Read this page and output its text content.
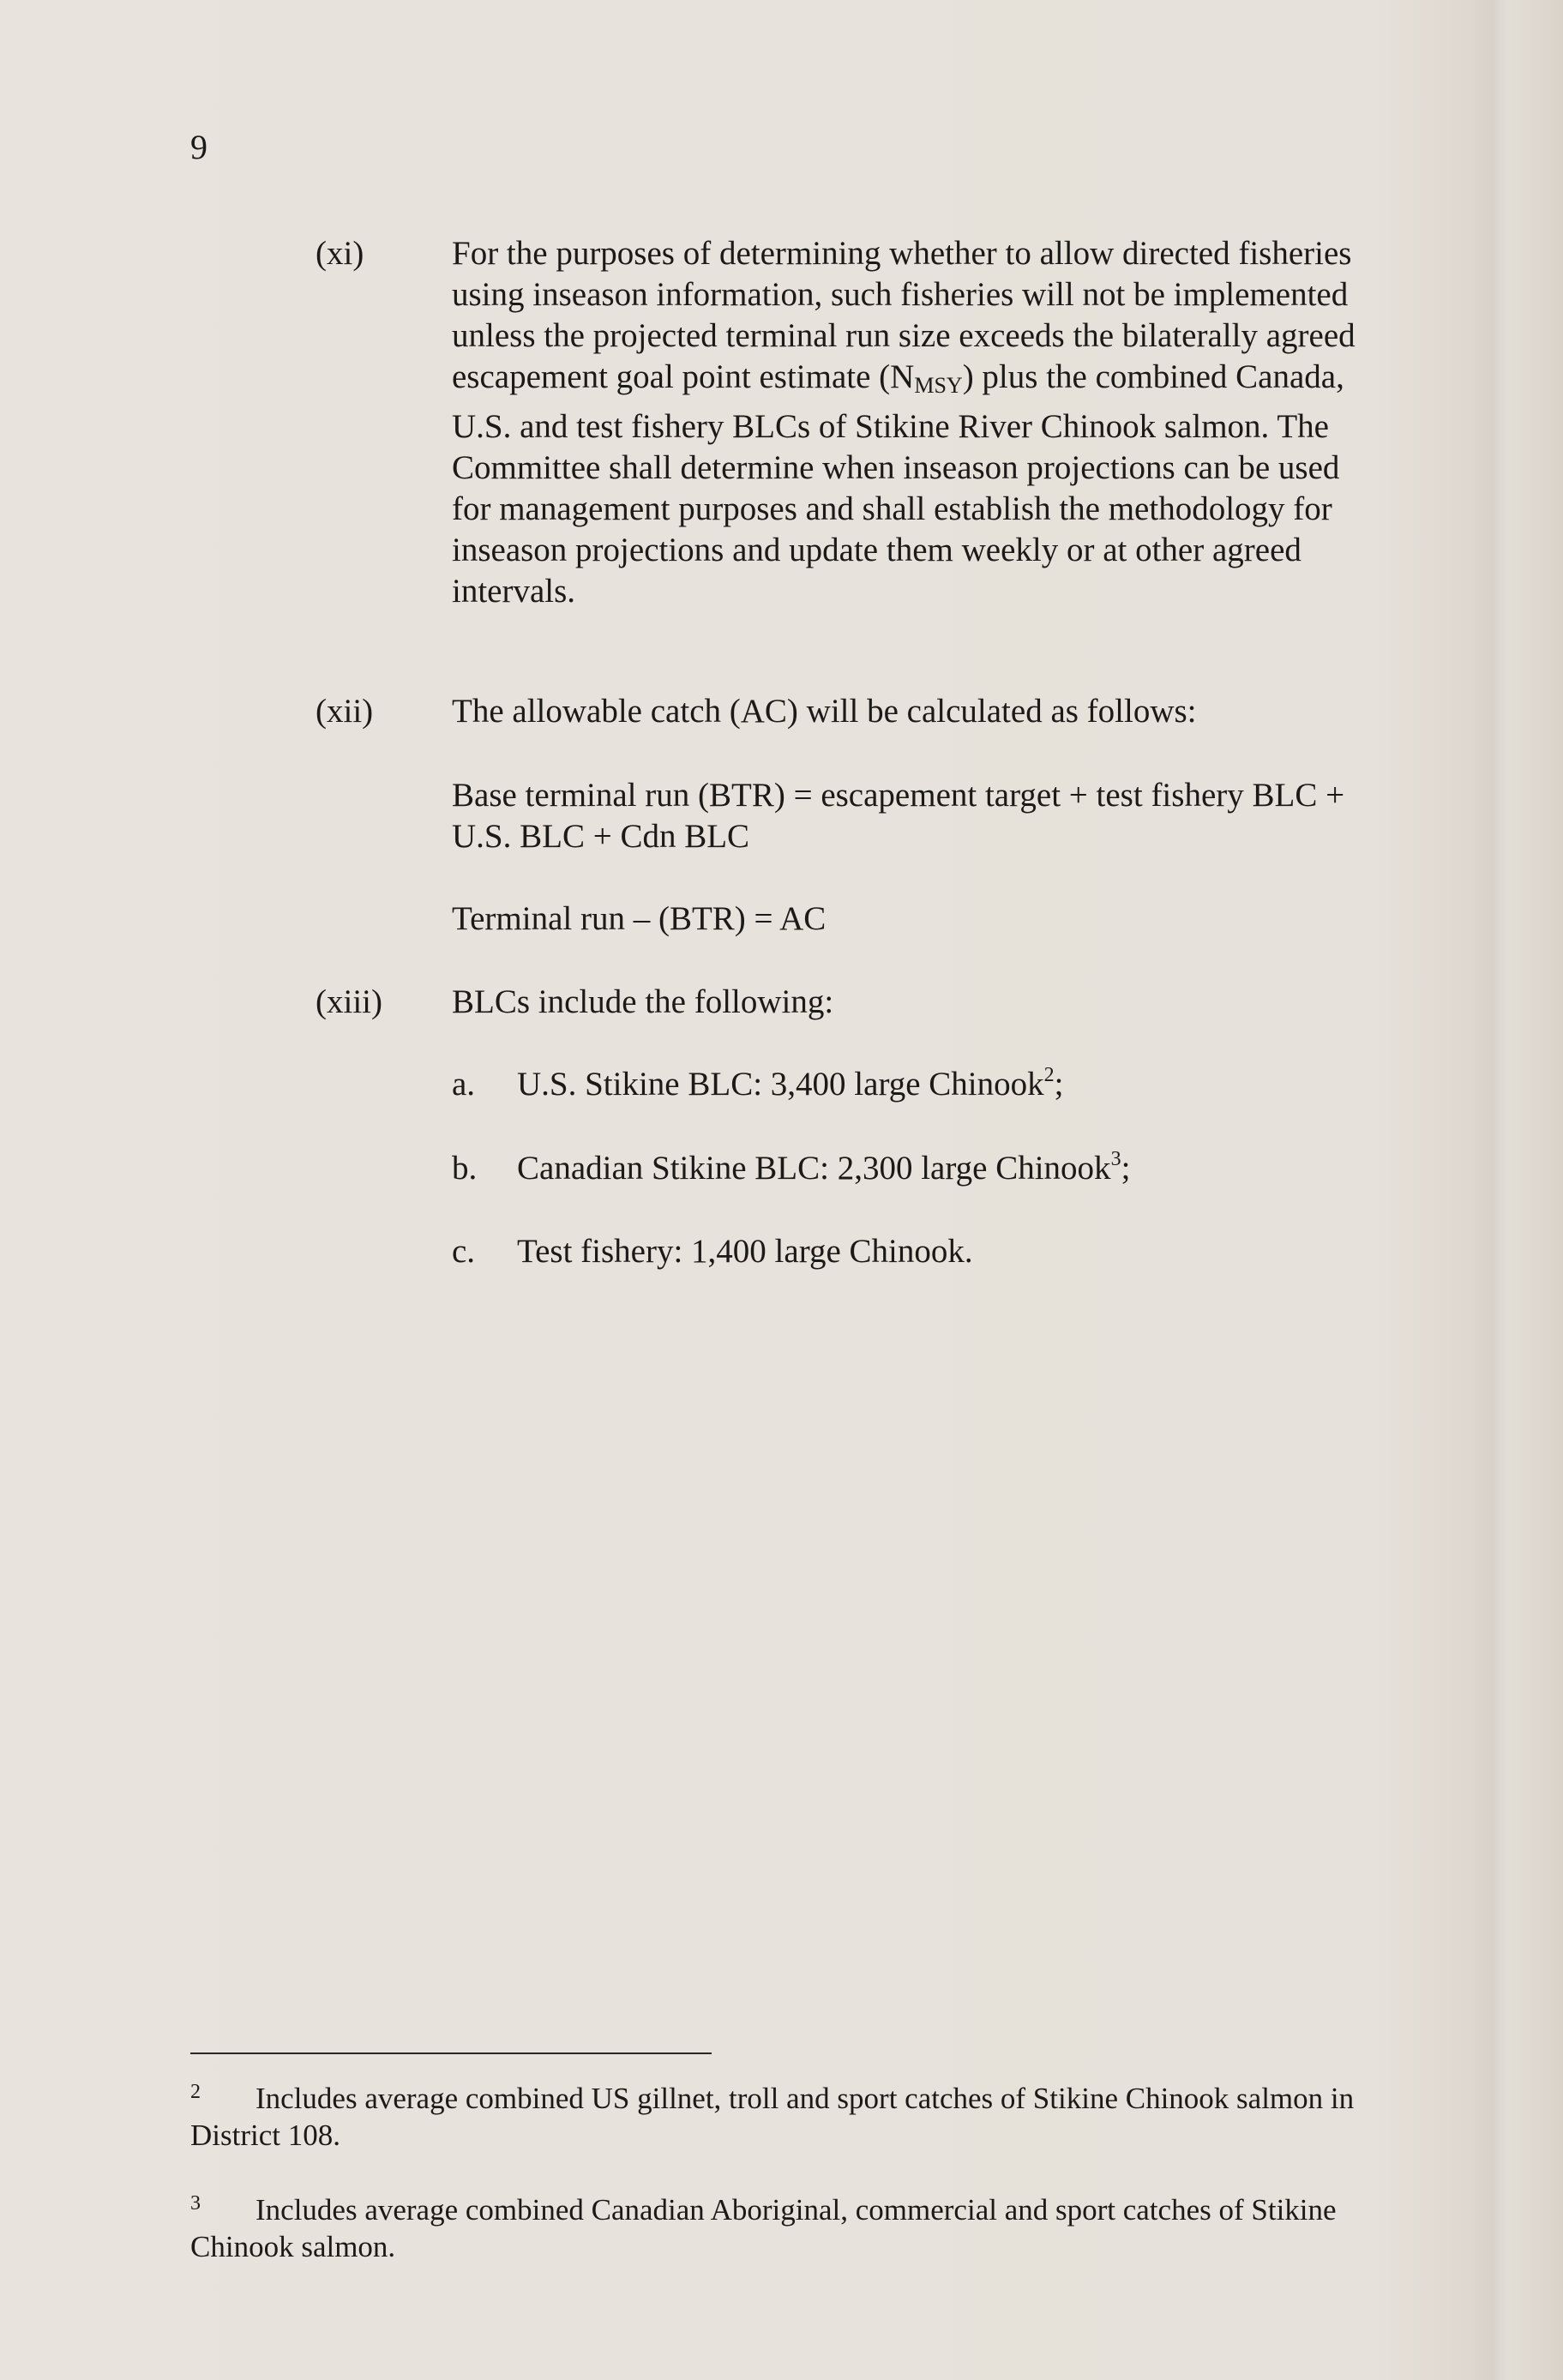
9
(xi)	For the purposes of determining whether to allow directed fisheries using inseason information, such fisheries will not be implemented unless the projected terminal run size exceeds the bilaterally agreed escapement goal point estimate $(N_{MSY})$ plus the combined Canada, U.S. and test fishery BLCs of Stikine River Chinook salmon. The Committee shall determine when inseason projections can be used for management purposes and shall establish the methodology for inseason projections and update them weekly or at other agreed intervals.

(xii) The allowable catch (AC) will be calculated as follows:

Base terminal run (BTR) = escapement target + test fishery BLC + U.S. BLC + Cdn BLC

Terminal run – (BTR) = AC

(xiii) BLCs include the following:

a. U.S. Stikine BLC: 3,400 large Chinook$^2$;
b. Canadian Stikine BLC: 2,300 large Chinook$^3$;
c. Test fishery: 1,400 large Chinook.

2 Includes average combined US gillnet, troll and sport catches of Stikine Chinook salmon in District 108.

3 Includes average combined Canadian Aboriginal, commercial and sport catches of Stikine Chinook salmon.
